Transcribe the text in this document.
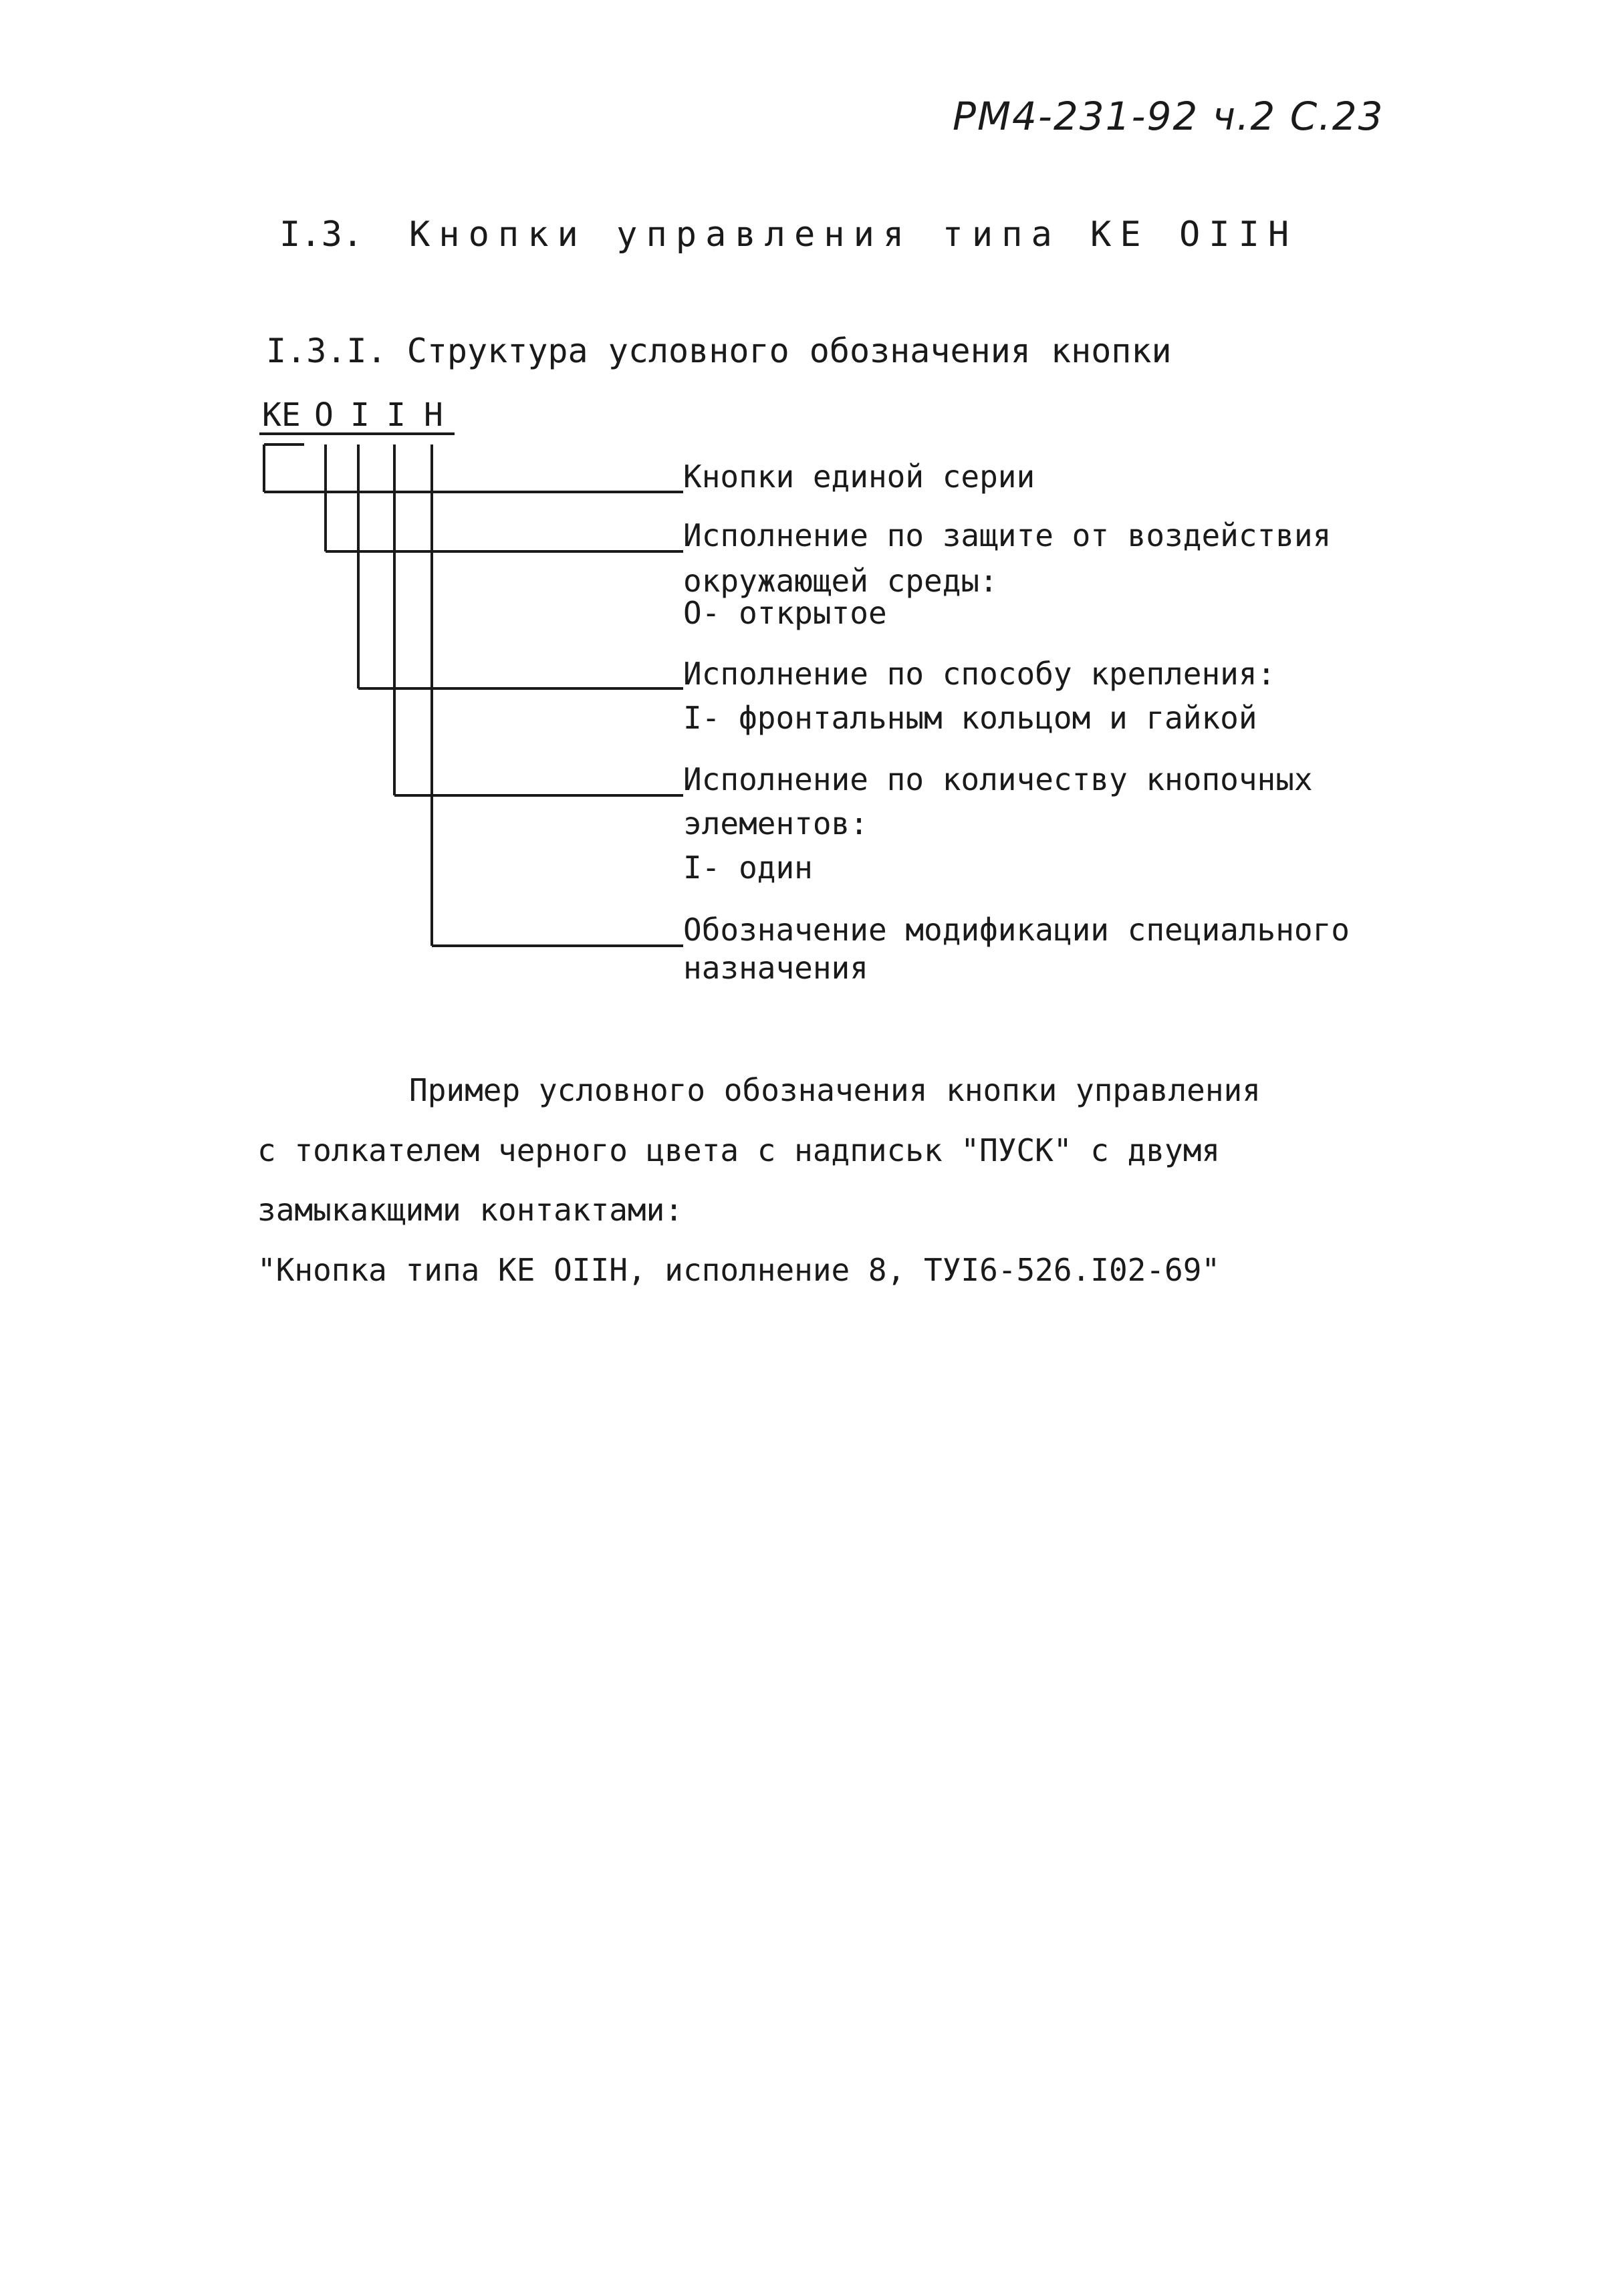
РМ4-231-92 ч.2 С.23
I.3. Кнопки управления типа КЕ OIIН
I.3.I. Структура условного обозначения кнопки
КЕ О I I Н
Кнопки единой серии
Исполнение по защите от воздействия
окружающей среды:
О- открытое
Исполнение по способу крепления:
I- фронтальным кольцом и гайкой
Исполнение по количеству кнопочных
элементов:
I- один
Обозначение модификации специального
назначения
Пример условного обозначения кнопки управления
с толкателем черного цвета с надписьк "ПУСК" с двумя
замыкакщими контактами:
"Кнопка типа КЕ OIIН, исполнение 8, ТУI6-526.I02-69"
